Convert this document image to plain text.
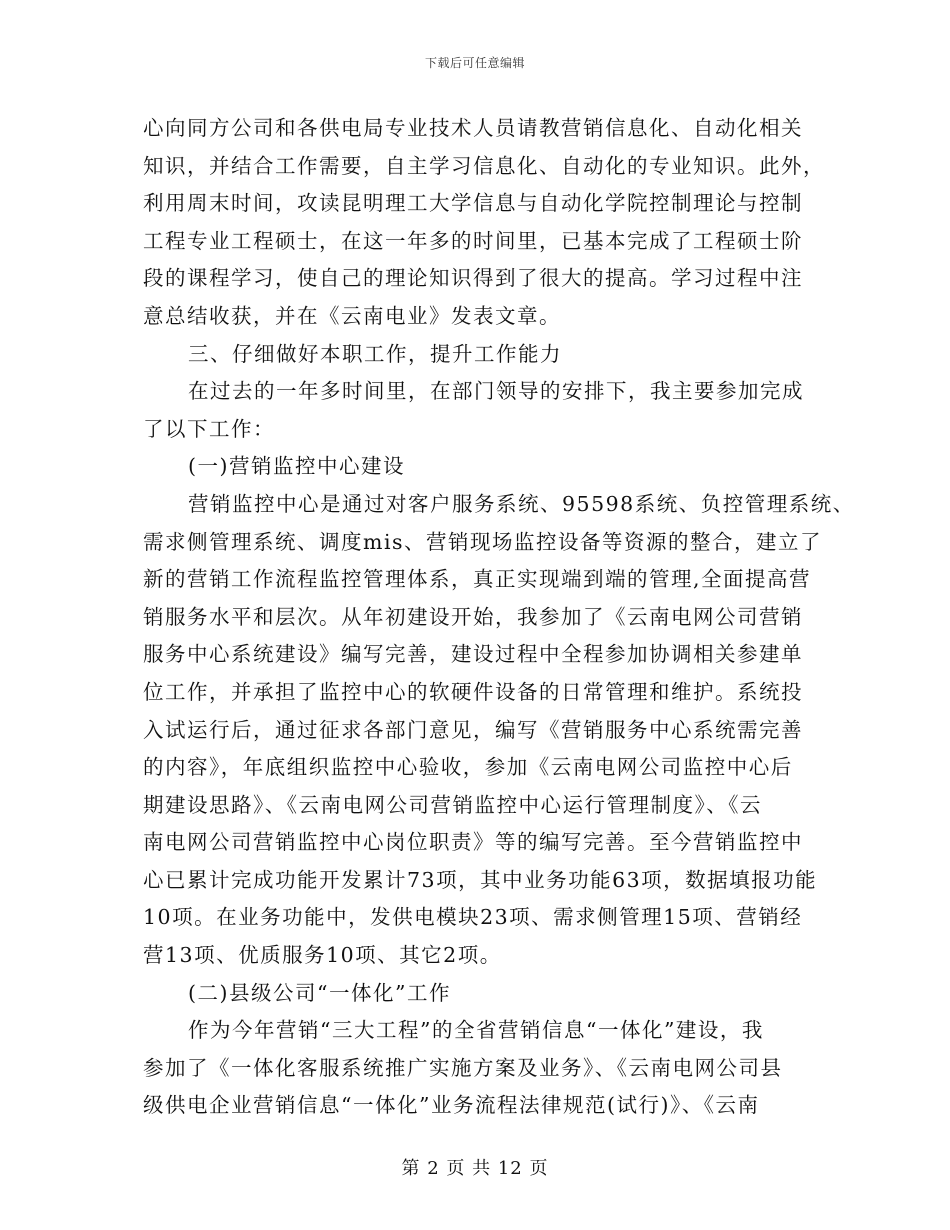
下载后可任意编辑
心向同方公司和各供电局专业技术人员请教营销信息化、自动化相关
知识，并结合工作需要，自主学习信息化、自动化的专业知识。此外，
利用周末时间，攻读昆明理工大学信息与自动化学院控制理论与控制
工程专业工程硕士，在这一年多的时间里，已基本完成了工程硕士阶
段的课程学习，使自己的理论知识得到了很大的提高。学习过程中注
意总结收获，并在《云南电业》发表文章。
三、仔细做好本职工作，提升工作能力
在过去的一年多时间里，在部门领导的安排下，我主要参加完成
了以下工作：
(一)营销监控中心建设
营销监控中心是通过对客户服务系统、95598系统、负控管理系统、
需求侧管理系统、调度mis、营销现场监控设备等资源的整合，建立了
新的营销工作流程监控管理体系，真正实现端到端的管理,全面提高营
销服务水平和层次。从年初建设开始，我参加了《云南电网公司营销
服务中心系统建设》编写完善，建设过程中全程参加协调相关参建单
位工作，并承担了监控中心的软硬件设备的日常管理和维护。系统投
入试运行后，通过征求各部门意见，编写《营销服务中心系统需完善
的内容》，年底组织监控中心验收，参加《云南电网公司监控中心后
期建设思路》、《云南电网公司营销监控中心运行管理制度》、《云
南电网公司营销监控中心岗位职责》等的编写完善。至今营销监控中
心已累计完成功能开发累计73项，其中业务功能63项，数据填报功能
10项。在业务功能中，发供电模块23项、需求侧管理15项、营销经
营13项、优质服务10项、其它2项。
(二)县级公司“一体化”工作
作为今年营销“三大工程”的全省营销信息“一体化”建设，我
参加了《一体化客服系统推广实施方案及业务》、《云南电网公司县
级供电企业营销信息“一体化”业务流程法律规范(试行)》、《云南
第 2 页 共 12 页
